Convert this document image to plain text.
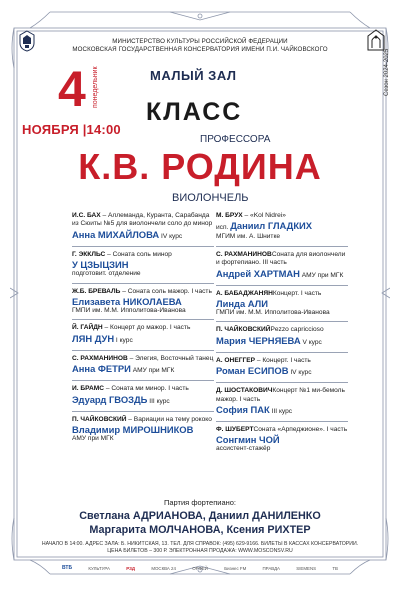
МИНИСТЕРСТВО КУЛЬТУРЫ РОССИЙСКОЙ ФЕДЕРАЦИИ
МОСКОВСКАЯ ГОСУДАРСТВЕННАЯ КОНСЕРВАТОРИЯ ИМЕНИ П.И. ЧАЙКОВСКОГО	Сезон 2024-2025
4 понедельник
НОЯБРЯ |14:00
МАЛЫЙ ЗАЛ
КЛАСС
ПРОФЕССОРА
К.В. РОДИНА
ВИОЛОНЧЕЛЬ
И.С. БАХ – Аллеманда, Куранта, Сарабанда из Сюиты №5 для виолончели соло до минор
Анна МИХАЙЛОВА IV курс
Г. ЭККЛЬС – Соната соль минор
У ЦЗЫЦЗИН
подготовит. отделение
Ж.Б. БРЕВАЛЬ – Соната соль мажор. I часть
Елизавета НИКОЛАЕВА
ГМПИ им. М.М. Ипполитова-Иванова
Й. ГАЙДН – Концерт до мажор. I часть
ЛЯН ДУН I курс
С. РАХМАНИНОВ – Элегия, Восточный танец
Анна ФЕТРИ АМУ при МГК
И. БРАМС – Соната ми минор. I часть
Эдуард ГВОЗДЬ III курс
П. ЧАЙКОВСКИЙ – Вариации на тему рококо
Владимир МИРОШНИКОВ
АМУ при МГК
М. БРУХ – «Kol Nidrei»
исп. Даниил ГЛАДКИХ
МГИМ им. А. Шнитке
С. РАХМАНИНОВСоната для виолончели и фортепиано. III часть
Андрей ХАРТМАН АМУ при МГК
А. БАБАДЖАНЯНКонцерт. I часть
Линда АЛИ
ГМПИ им. М.М. Ипполитова-Иванова
П. ЧАЙКОВСКИЙPezzo capriccioso
Мария ЧЕРНЯЕВА V курс
А. ОНЕГГЕР – Концерт. I часть
Роман ЕСИПОВ IV курс
Д. ШОСТАКОВИЧКонцерт №1 ми-бемоль мажор. I часть
София ПАК III курс
Ф. ШУБЕРТСоната «Арпеджионе». I часть
Сонгмин ЧОЙ
ассистент-стажёр
Партия фортепиано:
Светлана АДРИАНОВА, Даниил ДАНИЛЕНКО
Маргарита МОЛЧАНОВА, Ксения РИХТЕР
НАЧАЛО В 14:00. АДРЕС ЗАЛА: Б. НИКИТСКАЯ, 13. ТЕЛ. ДЛЯ СПРАВОК: (495) 629-9166. БИЛЕТЫ В КАССАХ КОНСЕРВАТОРИИ.
ЦЕНА БИЛЕТОВ – 300 Р. ЭЛЕКТРОННАЯ ПРОДАЖА: WWW.MOSCONSV.RU
ВТБ	КУЛЬТУРА	РЗД	МОСКВА 24	ОРФЕЙ	Бизнес FM	ПРАВДА	SIEMENS	ТВ
